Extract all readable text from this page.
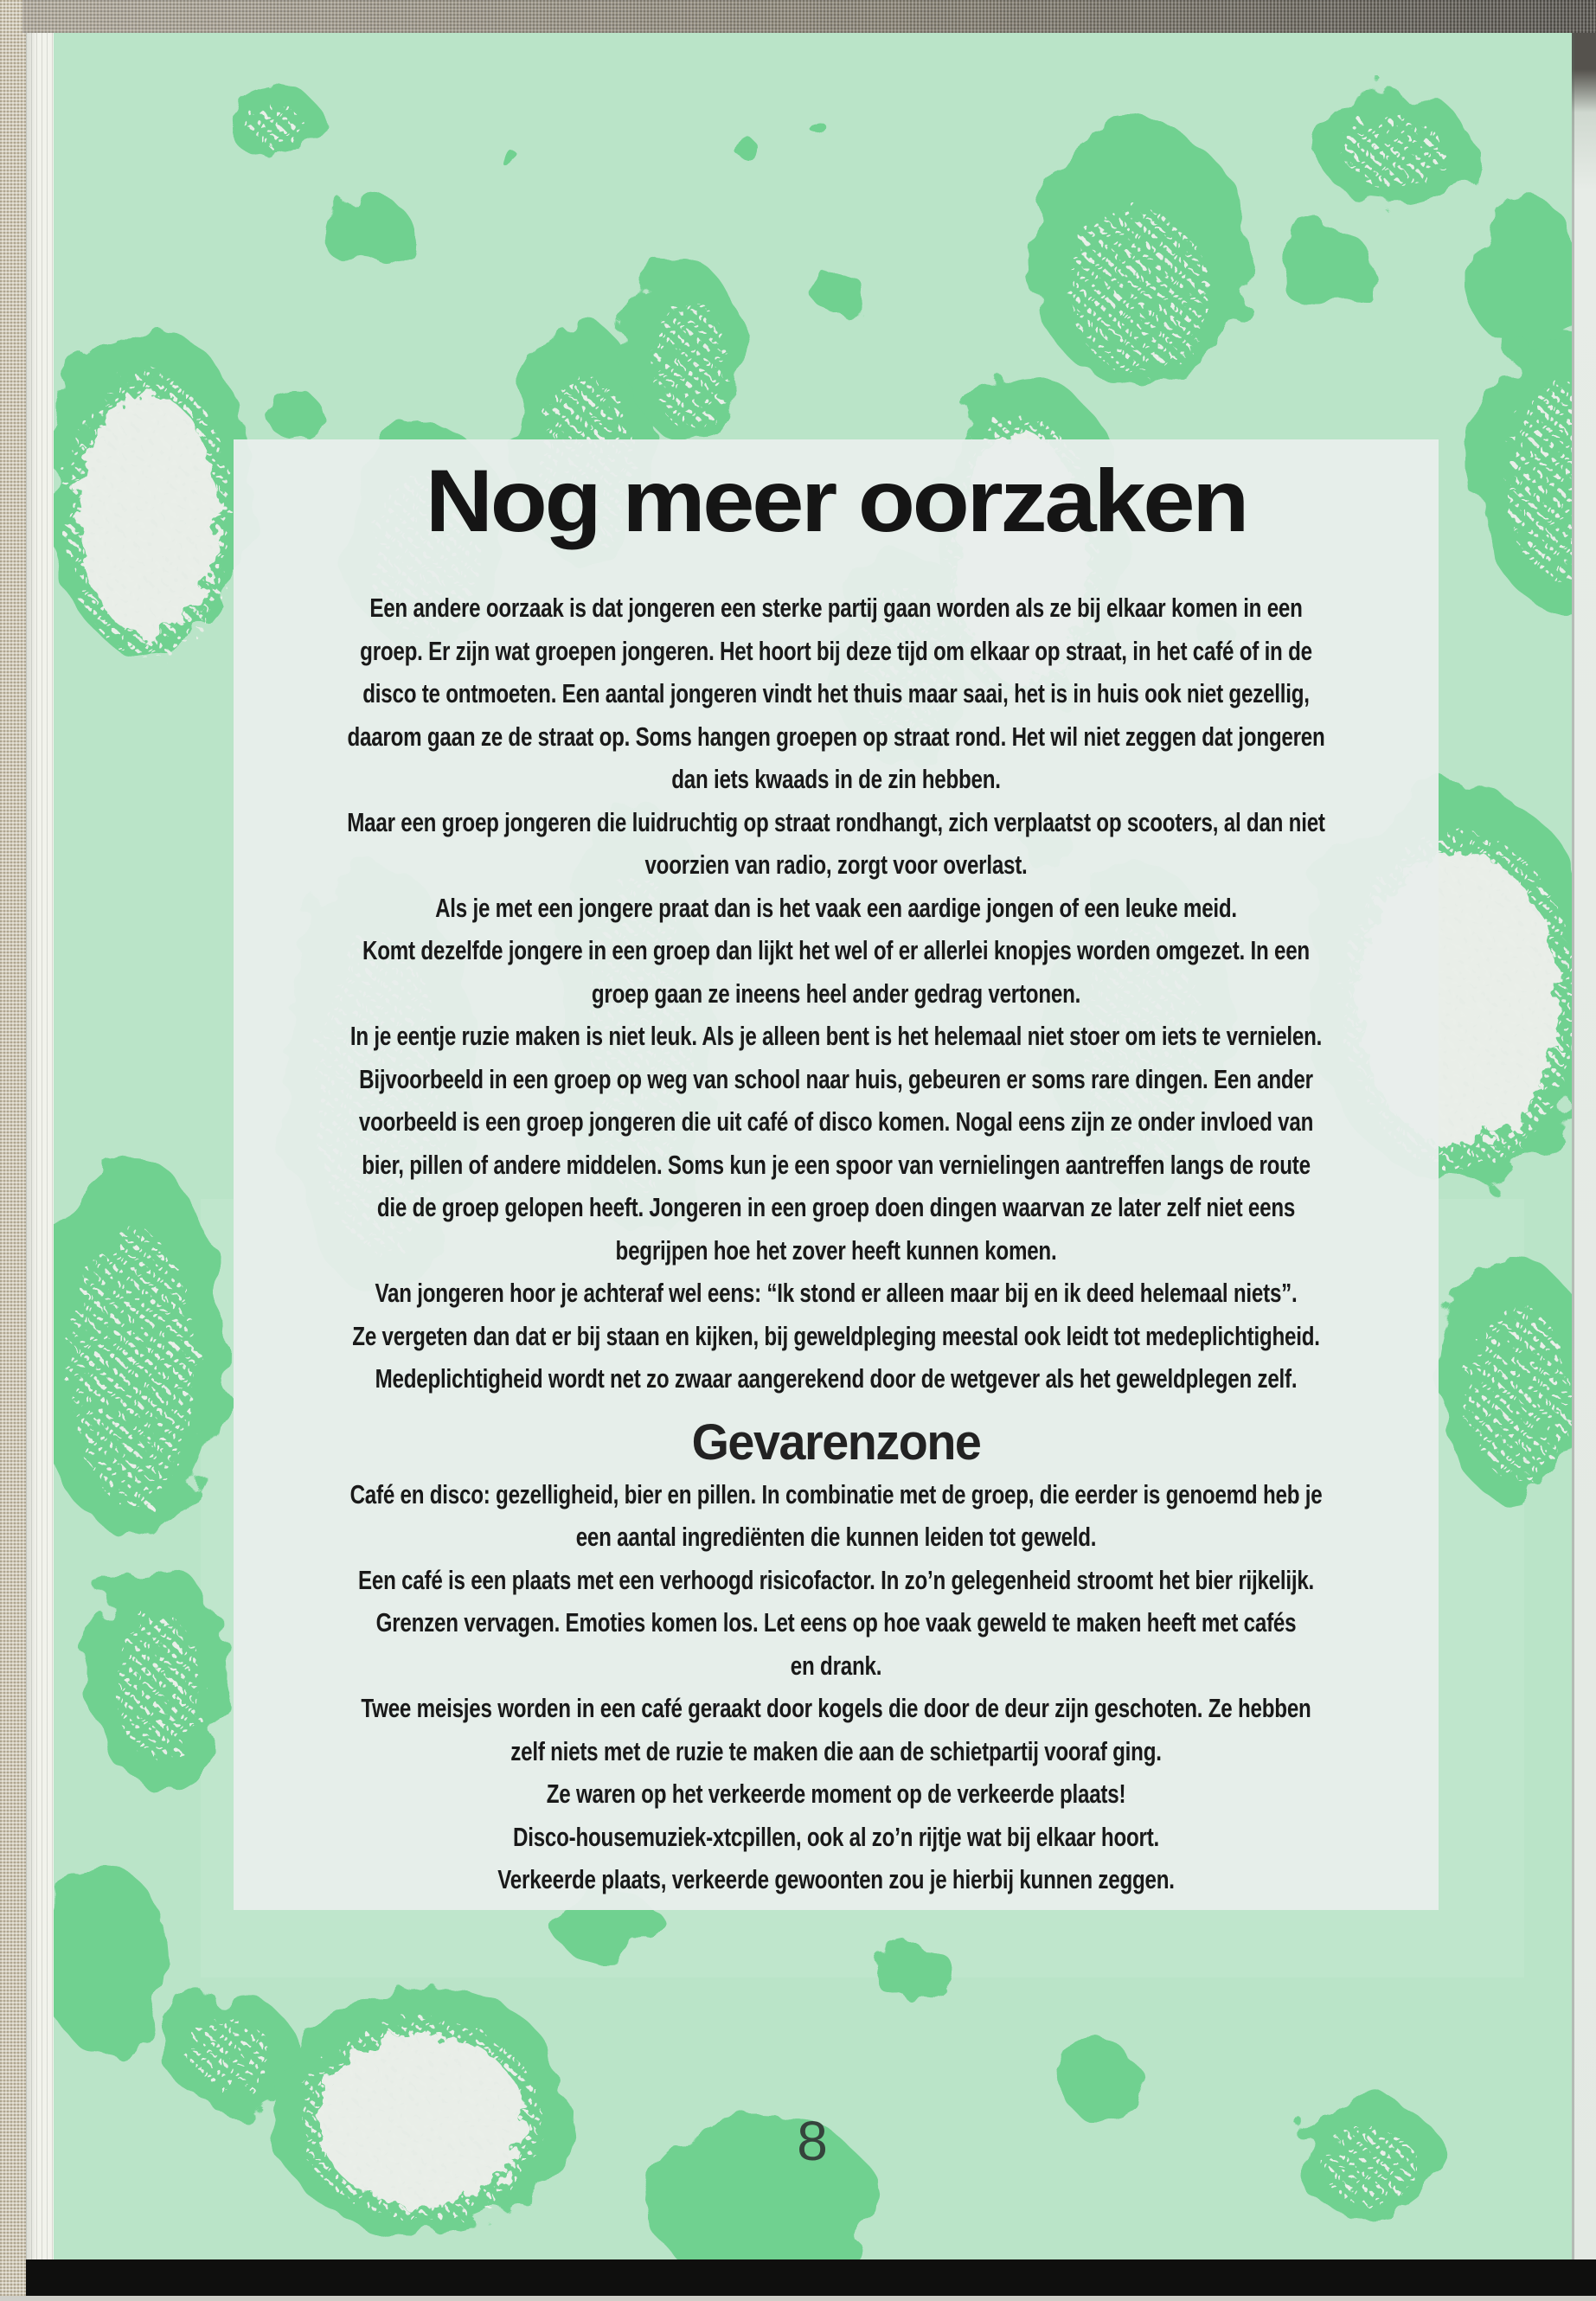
Nog meer oorzaken
Een andere oorzaak is dat jongeren een sterke partij gaan worden als ze bij elkaar komen in een
groep. Er zijn wat groepen jongeren. Het hoort bij deze tijd om elkaar op straat, in het café of in de
disco te ontmoeten. Een aantal jongeren vindt het thuis maar saai, het is in huis ook niet gezellig,
daarom gaan ze de straat op. Soms hangen groepen op straat rond. Het wil niet zeggen dat jongeren
dan iets kwaads in de zin hebben.
Maar een groep jongeren die luidruchtig op straat rondhangt, zich verplaatst op scooters, al dan niet
voorzien van radio, zorgt voor overlast.
Als je met een jongere praat dan is het vaak een aardige jongen of een leuke meid.
Komt dezelfde jongere in een groep dan lijkt het wel of er allerlei knopjes worden omgezet. In een
groep gaan ze ineens heel ander gedrag vertonen.
In je eentje ruzie maken is niet leuk. Als je alleen bent is het helemaal niet stoer om iets te vernielen.
Bijvoorbeeld in een groep op weg van school naar huis, gebeuren er soms rare dingen. Een ander
voorbeeld is een groep jongeren die uit café of disco komen. Nogal eens zijn ze onder invloed van
bier, pillen of andere middelen. Soms kun je een spoor van vernielingen aantreffen langs de route
die de groep gelopen heeft. Jongeren in een groep doen dingen waarvan ze later zelf niet eens
begrijpen hoe het zover heeft kunnen komen.
Van jongeren hoor je achteraf wel eens: “Ik stond er alleen maar bij en ik deed helemaal niets”.
Ze vergeten dan dat er bij staan en kijken, bij geweldpleging meestal ook leidt tot medeplichtigheid.
Medeplichtigheid wordt net zo zwaar aangerekend door de wetgever als het geweldplegen zelf.
Gevarenzone
Café en disco: gezelligheid, bier en pillen. In combinatie met de groep, die eerder is genoemd heb je
een aantal ingrediënten die kunnen leiden tot geweld.
Een café is een plaats met een verhoogd risicofactor. In zo’n gelegenheid stroomt het bier rijkelijk.
Grenzen vervagen. Emoties komen los. Let eens op hoe vaak geweld te maken heeft met cafés
en drank.
Twee meisjes worden in een café geraakt door kogels die door de deur zijn geschoten. Ze hebben
zelf niets met de ruzie te maken die aan de schietpartij vooraf ging.
Ze waren op het verkeerde moment op de verkeerde plaats!
Disco-housemuziek-xtcpillen, ook al zo’n rijtje wat bij elkaar hoort.
Verkeerde plaats, verkeerde gewoonten zou je hierbij kunnen zeggen.
8
